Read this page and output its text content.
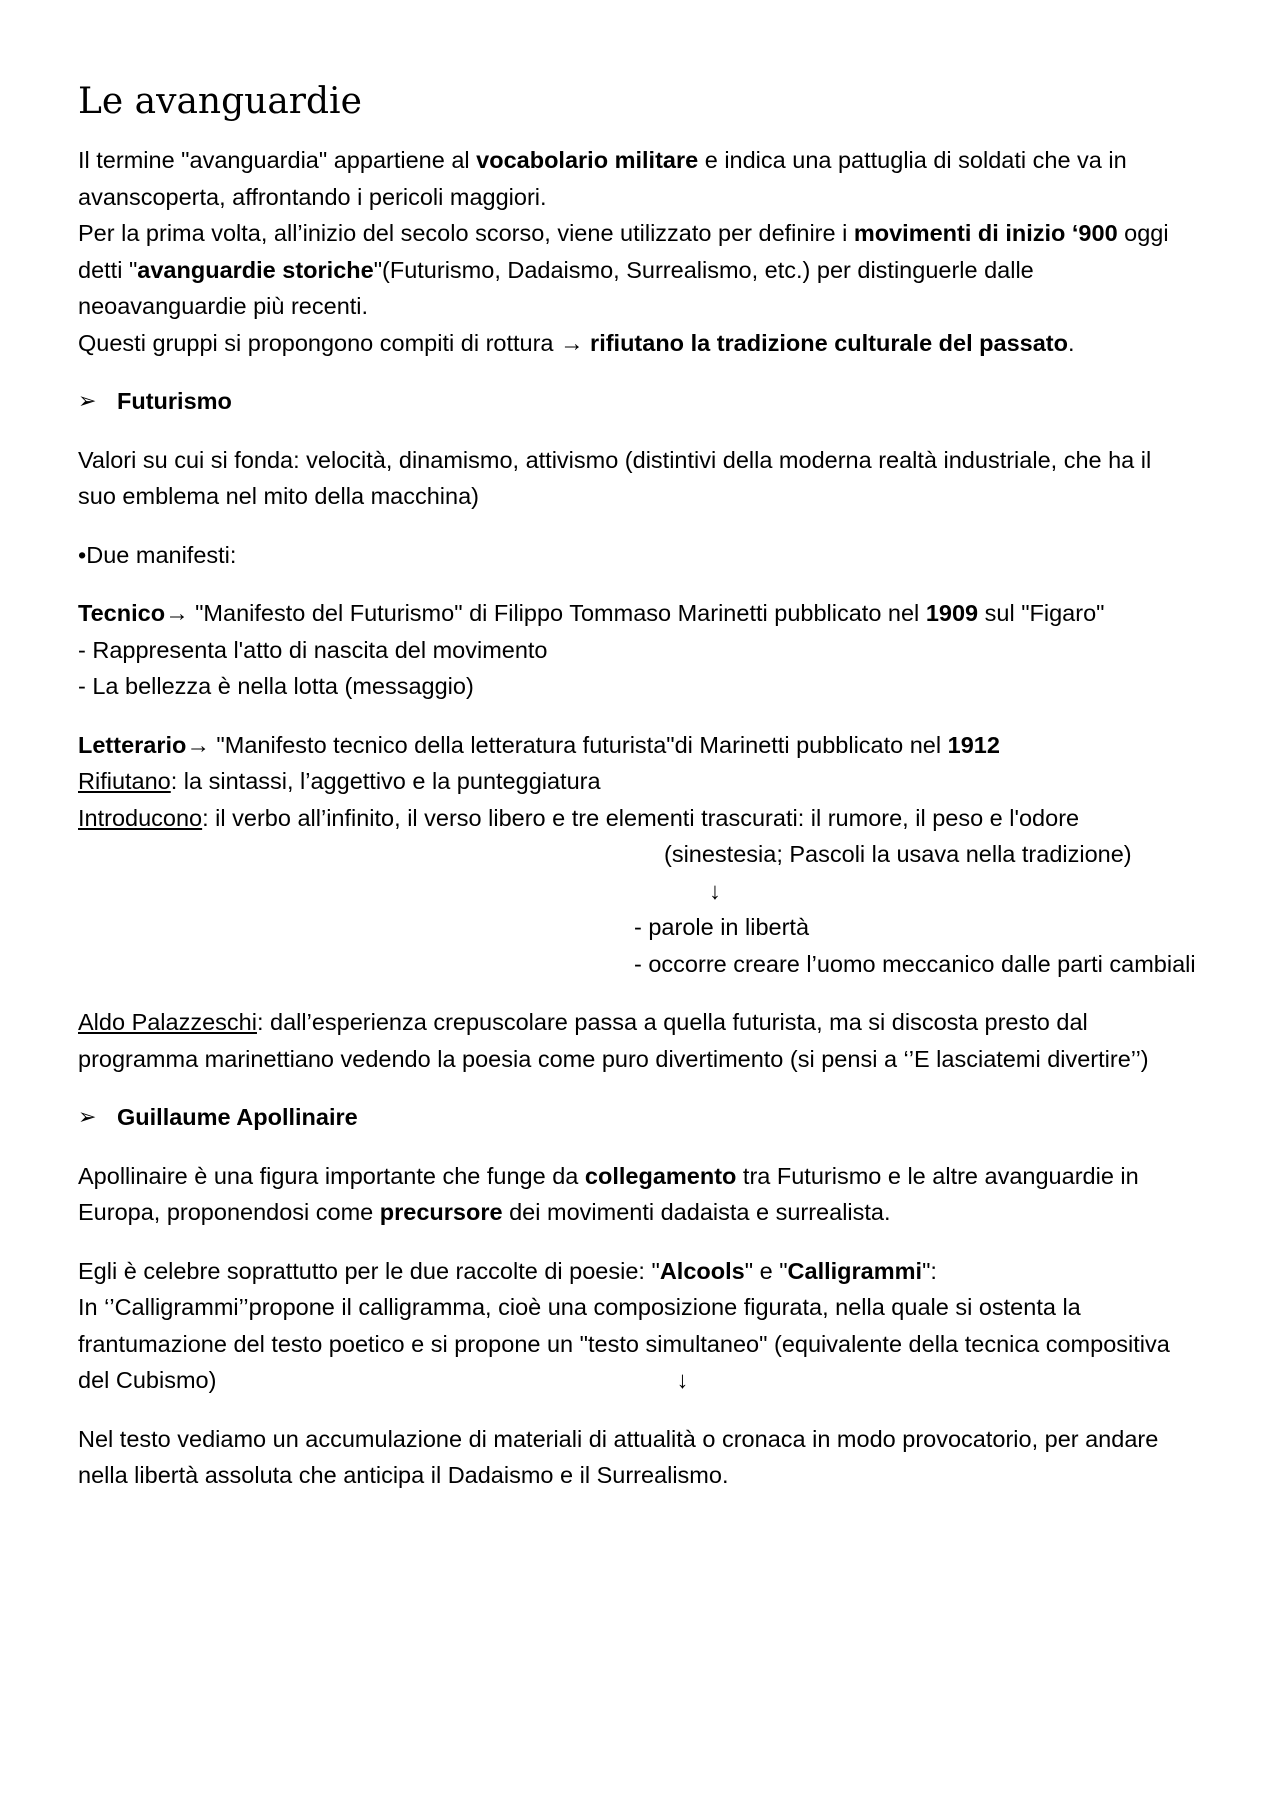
Le avanguardie

Il termine "avanguardia" appartiene al vocabolario militare e indica una pattuglia di soldati che va in
avanscoperta, affrontando i pericoli maggiori.
Per la prima volta, all’inizio del secolo scorso, viene utilizzato per definire i movimenti di inizio ‘900 oggi
detti "avanguardie storiche"(Futurismo, Dadaismo, Surrealismo, etc.) per distinguerle dalle
neoavanguardie più recenti.
Questi gruppi si propongono compiti di rottura → rifiutano la tradizione culturale del passato.

➢ Futurismo

Valori su cui si fonda: velocità, dinamismo, attivismo (distintivi della moderna realtà industriale, che ha il
suo emblema nel mito della macchina)

•Due manifesti:

Tecnico→ "Manifesto del Futurismo" di Filippo Tommaso Marinetti pubblicato nel 1909 sul "Figaro"
- Rappresenta l'atto di nascita del movimento
- La bellezza è nella lotta (messaggio)

Letterario→ "Manifesto tecnico della letteratura futurista"di Marinetti pubblicato nel 1912
Rifiutano: la sintassi, l’aggettivo e la punteggiatura
Introducono: il verbo all’infinito, il verso libero e tre elementi trascurati: il rumore, il peso e l'odore
(sinestesia; Pascoli la usava nella tradizione)
↓
- parole in libertà
- occorre creare l’uomo meccanico dalle parti cambiali

Aldo Palazzeschi: dall’esperienza crepuscolare passa a quella futurista, ma si discosta presto dal
programma marinettiano vedendo la poesia come puro divertimento (si pensi a ‘’E lasciatemi divertire’’)

➢ Guillaume Apollinaire

Apollinaire è una figura importante che funge da collegamento tra Futurismo e le altre avanguardie in
Europa, proponendosi come precursore dei movimenti dadaista e surrealista.

Egli è celebre soprattutto per le due raccolte di poesie: "Alcools" e "Calligrammi":
In ‘’Calligrammi’’propone il calligramma, cioè una composizione figurata, nella quale si ostenta la
frantumazione del testo poetico e si propone un "testo simultaneo" (equivalente della tecnica compositiva
del Cubismo)	↓

Nel testo vediamo un accumulazione di materiali di attualità o cronaca in modo provocatorio, per andare
nella libertà assoluta che anticipa il Dadaismo e il Surrealismo.
